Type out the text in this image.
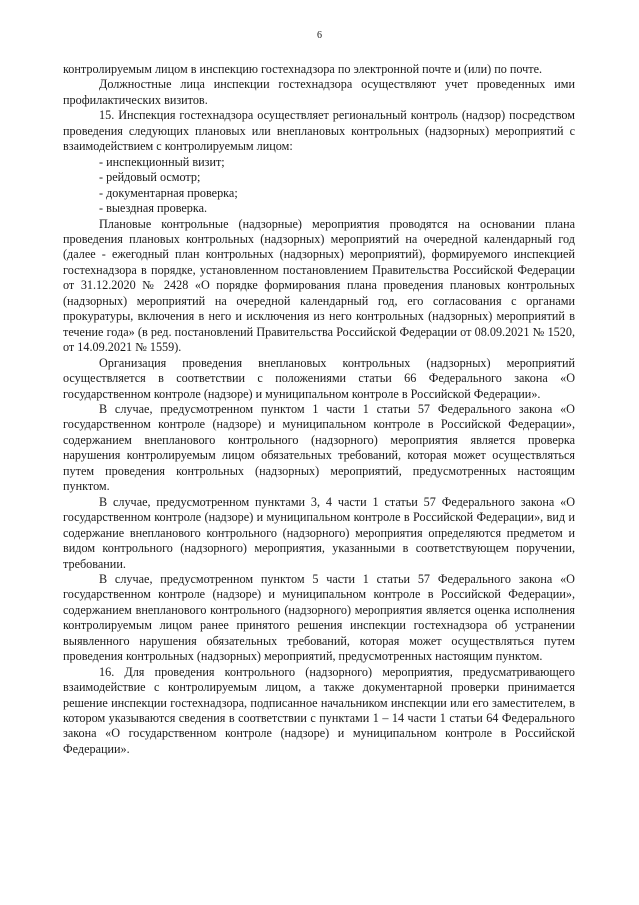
6

контролируемым лицом в инспекцию гостехнадзора по электронной почте и (или) по почте.

Должностные лица инспекции гостехнадзора осуществляют учет проведенных ими профилактических визитов.

15. Инспекция гостехнадзора осуществляет региональный контроль (надзор) посредством проведения следующих плановых или внеплановых контрольных (надзорных) мероприятий с взаимодействием с контролируемым лицом:

- инспекционный визит;

- рейдовый осмотр;

- документарная проверка;

- выездная проверка.

Плановые контрольные (надзорные) мероприятия проводятся на основании плана проведения плановых контрольных (надзорных) мероприятий на очередной календарный год (далее - ежегодный план контрольных (надзорных) мероприятий), формируемого инспекцией гостехнадзора в порядке, установленном постановлением Правительства Российской Федерации от 31.12.2020 № 2428 «О порядке формирования плана проведения плановых контрольных (надзорных) мероприятий на очередной календарный год, его согласования с органами прокуратуры, включения в него и исключения из него контрольных (надзорных) мероприятий в течение года» (в ред. постановлений Правительства Российской Федерации от 08.09.2021 № 1520, от 14.09.2021 № 1559).

Организация проведения внеплановых контрольных (надзорных) мероприятий осуществляется в соответствии с положениями статьи 66 Федерального закона «О государственном контроле (надзоре) и муниципальном контроле в Российской Федерации».

В случае, предусмотренном пунктом 1 части 1 статьи 57 Федерального закона «О государственном контроле (надзоре) и муниципальном контроле в Российской Федерации», содержанием внепланового контрольного (надзорного) мероприятия является проверка нарушения контролируемым лицом обязательных требований, которая может осуществляться путем проведения контрольных (надзорных) мероприятий, предусмотренных настоящим пунктом.

В случае, предусмотренном пунктами 3, 4 части 1 статьи 57 Федерального закона «О государственном контроле (надзоре) и муниципальном контроле в Российской Федерации», вид и содержание внепланового контрольного (надзорного) мероприятия определяются предметом и видом контрольного (надзорного) мероприятия, указанными в соответствующем поручении, требовании.

В случае, предусмотренном пунктом 5 части 1 статьи 57 Федерального закона «О государственном контроле (надзоре) и муниципальном контроле в Российской Федерации», содержанием внепланового контрольного (надзорного) мероприятия является оценка исполнения контролируемым лицом ранее принятого решения инспекции гостехнадзора об устранении выявленного нарушения обязательных требований, которая может осуществляться путем проведения контрольных (надзорных) мероприятий, предусмотренных настоящим пунктом.

16. Для проведения контрольного (надзорного) мероприятия, предусматривающего взаимодействие с контролируемым лицом, а также документарной проверки принимается решение инспекции гостехнадзора, подписанное начальником инспекции или его заместителем, в котором указываются сведения в соответствии с пунктами 1 – 14 части 1 статьи 64 Федерального закона «О государственном контроле (надзоре) и муниципальном контроле в Российской Федерации».
